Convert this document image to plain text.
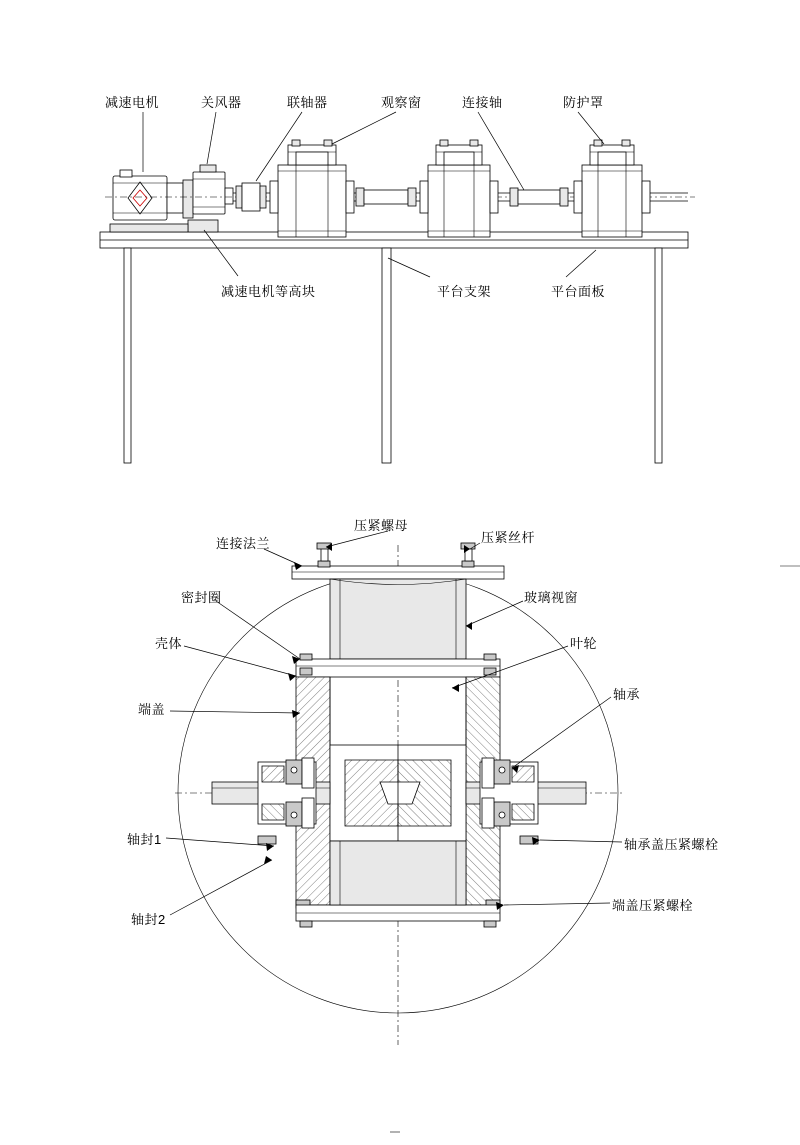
减速电机	关风器	联轴器	观察窗	连接轴	防护罩
减速电机等高块	平台支架	平台面板
连接法兰
压紧螺母
压紧丝杆
密封圈	玻璃视窗
壳体	叶轮
端盖
轴承
轴封1	轴承盖压紧螺栓
轴封2
端盖压紧螺栓
